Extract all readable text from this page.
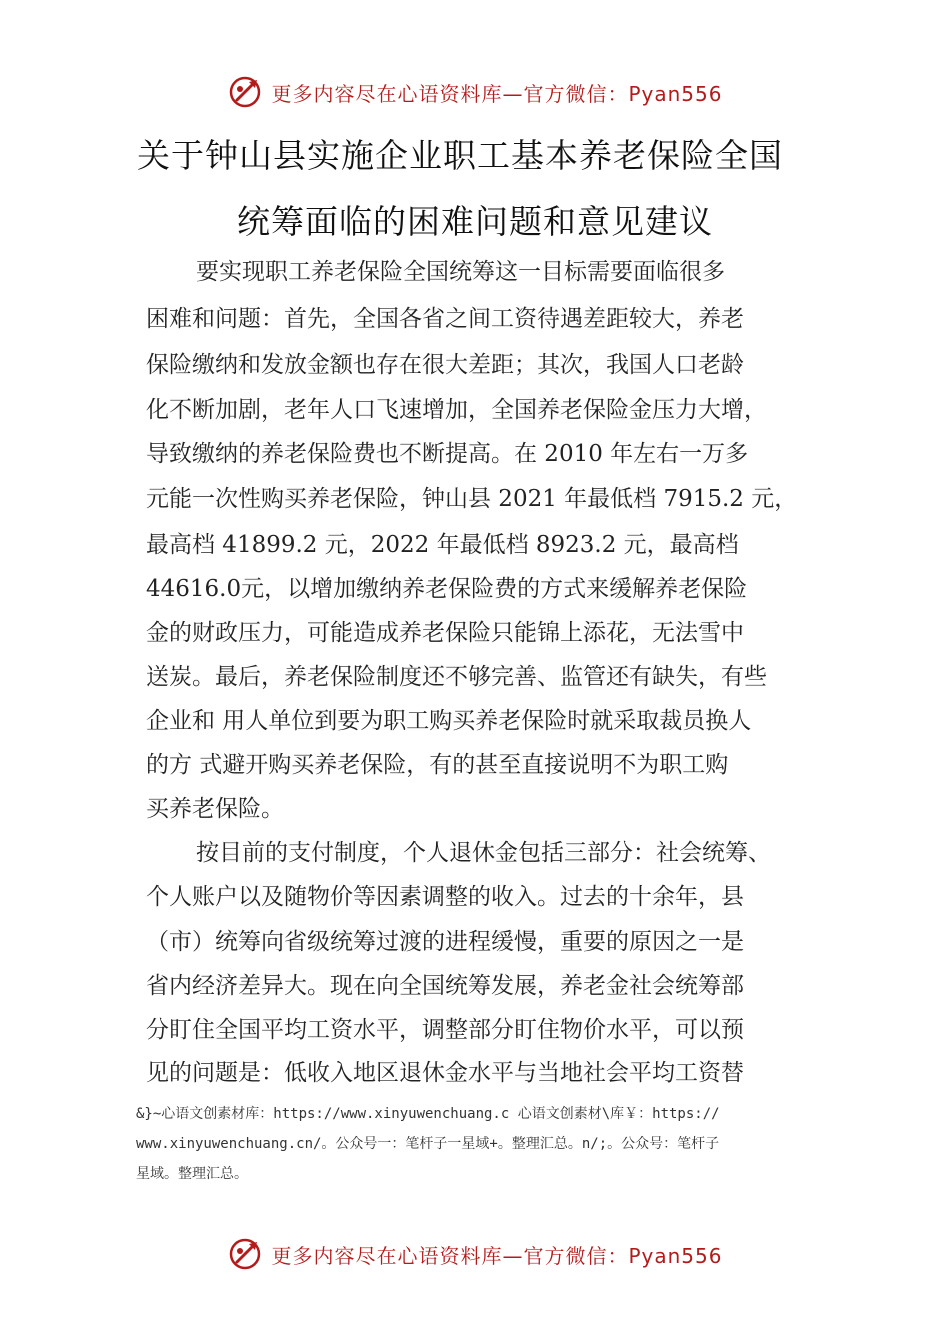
更多内容尽在心语资料库—官方微信：Pyan556
关于钟山县实施企业职工基本养老保险全国
统筹面临的困难问题和意见建议
要实现职工养老保险全国统筹这一目标需要面临很多
困难和问题：首先，全国各省之间工资待遇差距较大，养老
保险缴纳和发放金额也存在很大差距；其次，我国人口老龄
化不断加剧，老年人口飞速增加，全国养老保险金压力大增，
导致缴纳的养老保险费也不断提高。在 2010 年左右一万多
元能一次性购买养老保险，钟山县 2021 年最低档 7915.2 元，
最高档 41899.2 元，2022 年最低档 8923.2 元，最高档
44616.0元，以增加缴纳养老保险费的方式来缓解养老保险
金的财政压力，可能造成养老保险只能锦上添花，无法雪中
送炭。最后，养老保险制度还不够完善、监管还有缺失，有些
企业和 用人单位到要为职工购买养老保险时就采取裁员换人
的方 式避开购买养老保险，有的甚至直接说明不为职工购
买养老保险。
按目前的支付制度，个人退休金包括三部分：社会统筹、
个人账户以及随物价等因素调整的收入。过去的十余年，县
（市）统筹向省级统筹过渡的进程缓慢，重要的原因之一是
省内经济差异大。现在向全国统筹发展，养老金社会统筹部
分盯住全国平均工资水平，调整部分盯住物价水平，可以预
见的问题是：低收入地区退休金水平与当地社会平均工资替
&}~心语文创素材库：https://www.xinyuwenchuang.c 心语文创素材\库￥：https://
www.xinyuwenchuang.cn/。公众号一：笔杆子一星域+。整理汇总。n/;。公众号：笔杆子
星域。整理汇总。
更多内容尽在心语资料库—官方微信：Pyan556
